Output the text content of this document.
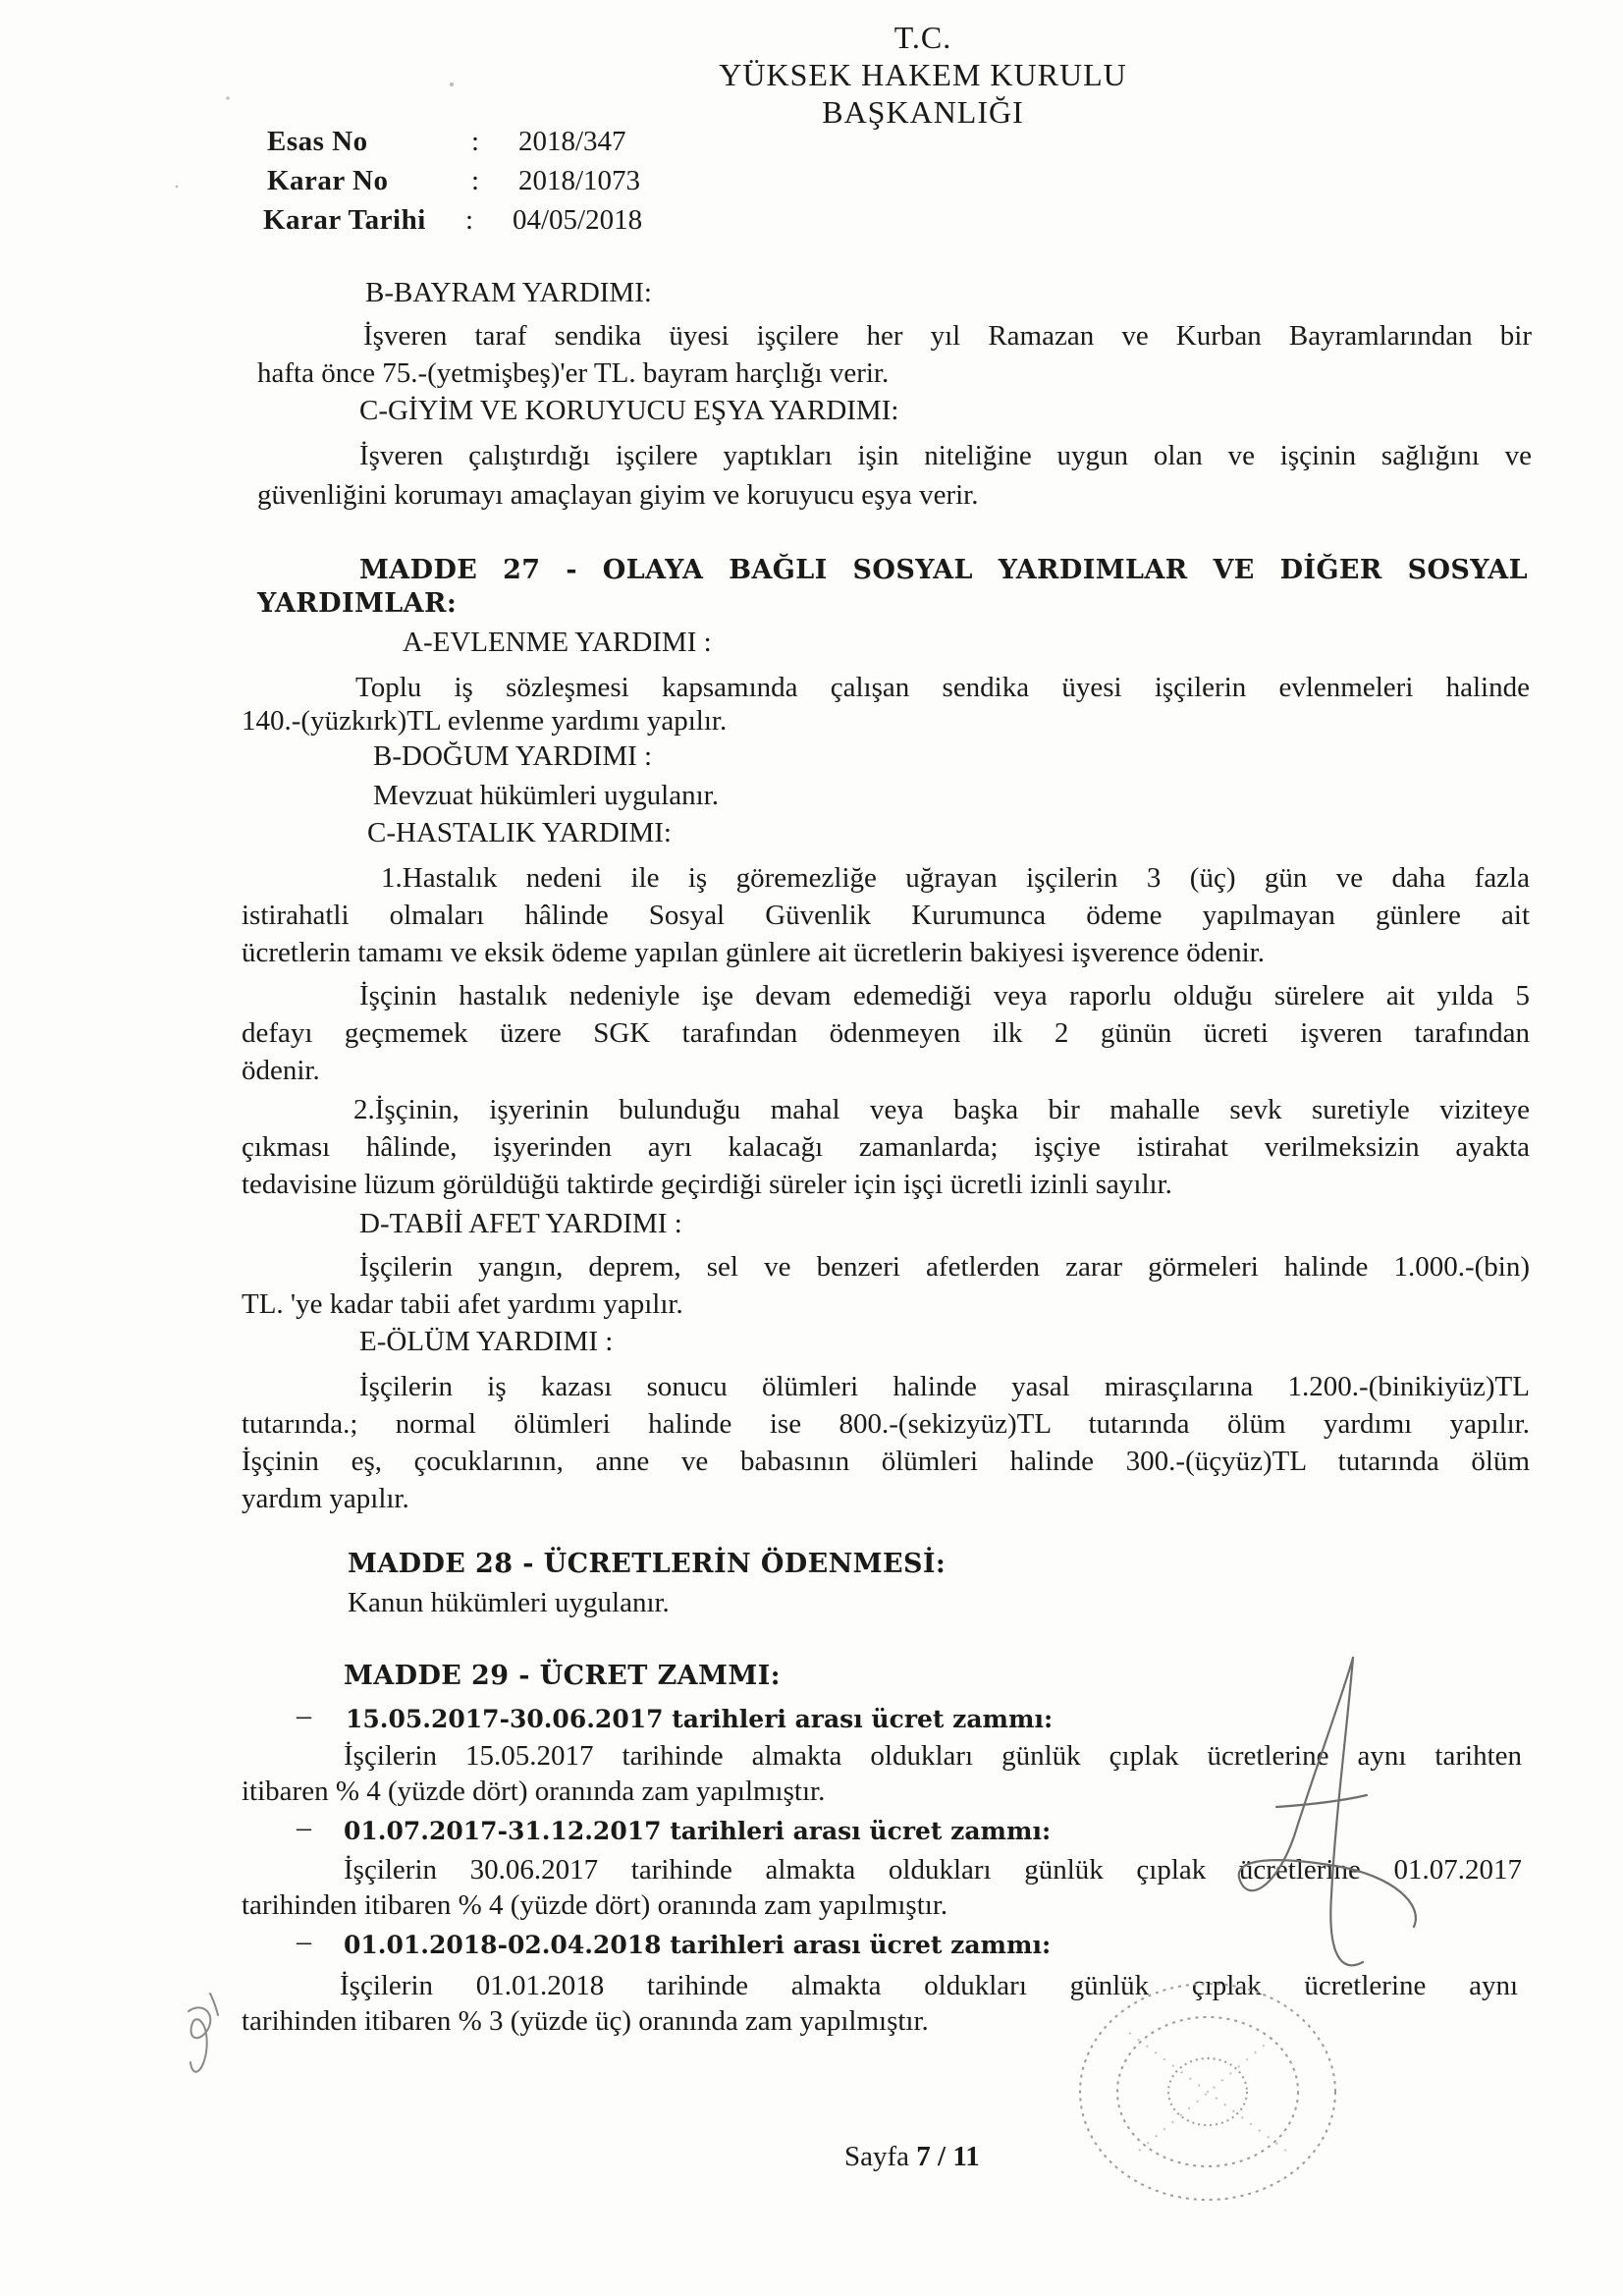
T.C.
YÜKSEK HAKEM KURULU
BAŞKANLIĞI
Esas No	: 2018/347
Karar No	: 2018/1073
Karar Tarihi : 04/05/2018
B-BAYRAM YARDIMI:
İşveren taraf sendika üyesi işçilere her yıl Ramazan ve Kurban Bayramlarından bir
hafta önce 75.-(yetmişbeş)'er TL. bayram harçlığı verir.
C-GİYİM VE KORUYUCU EŞYA YARDIMI:
İşveren çalıştırdığı işçilere yaptıkları işin niteliğine uygun olan ve işçinin sağlığını ve
güvenliğini korumayı amaçlayan giyim ve koruyucu eşya verir.
MADDE 27 - OLAYA BAĞLI SOSYAL YARDIMLAR VE DİĞER SOSYAL
YARDIMLAR:
A-EVLENME YARDIMI :
Toplu iş sözleşmesi kapsamında çalışan sendika üyesi işçilerin evlenmeleri halinde
140.-(yüzkırk)TL evlenme yardımı yapılır.
B-DOĞUM YARDIMI :
Mevzuat hükümleri uygulanır.
C-HASTALIK YARDIMI:
1.Hastalık nedeni ile iş göremezliğe uğrayan işçilerin 3 (üç) gün ve daha fazla
istirahatli olmaları hâlinde Sosyal Güvenlik Kurumunca ödeme yapılmayan günlere ait
ücretlerin tamamı ve eksik ödeme yapılan günlere ait ücretlerin bakiyesi işverence ödenir.
İşçinin hastalık nedeniyle işe devam edemediği veya raporlu olduğu sürelere ait yılda 5
defayı geçmemek üzere SGK tarafından ödenmeyen ilk 2 günün ücreti işveren tarafından
ödenir.
2.İşçinin, işyerinin bulunduğu mahal veya başka bir mahalle sevk suretiyle viziteye
çıkması hâlinde, işyerinden ayrı kalacağı zamanlarda; işçiye istirahat verilmeksizin ayakta
tedavisine lüzum görüldüğü taktirde geçirdiği süreler için işçi ücretli izinli sayılır.
D-TABİİ AFET YARDIMI :
İşçilerin yangın, deprem, sel ve benzeri afetlerden zarar görmeleri halinde 1.000.-(bin)
TL. 'ye kadar tabii afet yardımı yapılır.
E-ÖLÜM YARDIMI :
İşçilerin iş kazası sonucu ölümleri halinde yasal mirasçılarına 1.200.-(binikiyüz)TL
tutarında.; normal ölümleri halinde ise 800.-(sekizyüz)TL tutarında ölüm yardımı yapılır.
İşçinin eş, çocuklarının, anne ve babasının ölümleri halinde 300.-(üçyüz)TL tutarında ölüm
yardım yapılır.
MADDE 28 - ÜCRETLERİN ÖDENMESİ:
Kanun hükümleri uygulanır.
MADDE 29 - ÜCRET ZAMMI:
– 15.05.2017-30.06.2017 tarihleri arası ücret zammı:
İşçilerin 15.05.2017 tarihinde almakta oldukları günlük çıplak ücretlerine aynı tarihten
itibaren % 4 (yüzde dört) oranında zam yapılmıştır.
– 01.07.2017-31.12.2017 tarihleri arası ücret zammı:
İşçilerin 30.06.2017 tarihinde almakta oldukları günlük çıplak ücretlerine 01.07.2017
tarihinden itibaren % 4 (yüzde dört) oranında zam yapılmıştır.
– 01.01.2018-02.04.2018 tarihleri arası ücret zammı:
İşçilerin 01.01.2018 tarihinde almakta oldukları günlük çıplak ücretlerine aynı
tarihinden itibaren % 3 (yüzde üç) oranında zam yapılmıştır.
Sayfa 7 / 11
